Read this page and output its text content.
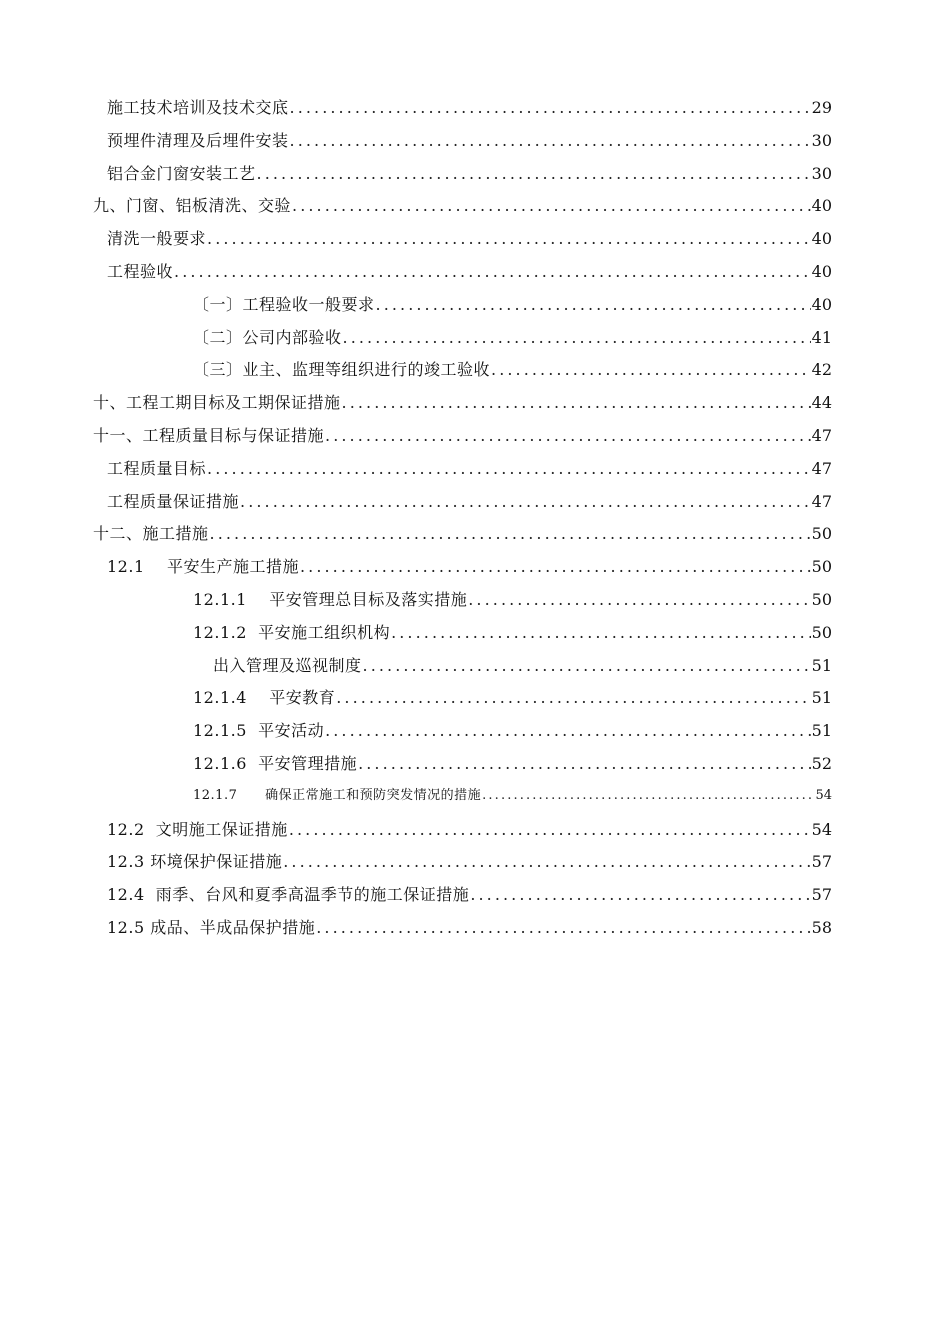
施工技术培训及技术交底 . . .	29
预埋件清理及后埋件安装 . . .	30
铝合金门窗安装工艺 . . .	30
九、门窗、铝板清洗、交验 . . .	40
清洗一般要求 . . .	40
工程验收 . . .	40
〔一〕工程验收一般要求 . . .	40
〔二〕公司内部验收 . . .	41
〔三〕业主、监理等组织进行的竣工验收 . . .	42
十、工程工期目标及工期保证措施 . . .	44
十一、工程质量目标与保证措施 . . .	47
工程质量目标 . . .	47
工程质量保证措施 . . .	47
十二、施工措施 . . .	50
12.1    平安生产施工措施 . . .	50
12.1.1    平安管理总目标及落实措施 . . .	50
12.1.2  平安施工组织机构 . . .	50
出入管理及巡视制度 . . .	51
12.1.4    平安教育 . . .	51
12.1.5  平安活动 . . .	51
12.1.6  平安管理措施 . . .	52
12.1.7      确保正常施工和预防突发情况的措施 . . .	54
12.2  文明施工保证措施 . . .	54
12.3 环境保护保证措施 . . .	57
12.4  雨季、台风和夏季高温季节的施工保证措施 . . .	57
12.5 成品、半成品保护措施 . . .	58
